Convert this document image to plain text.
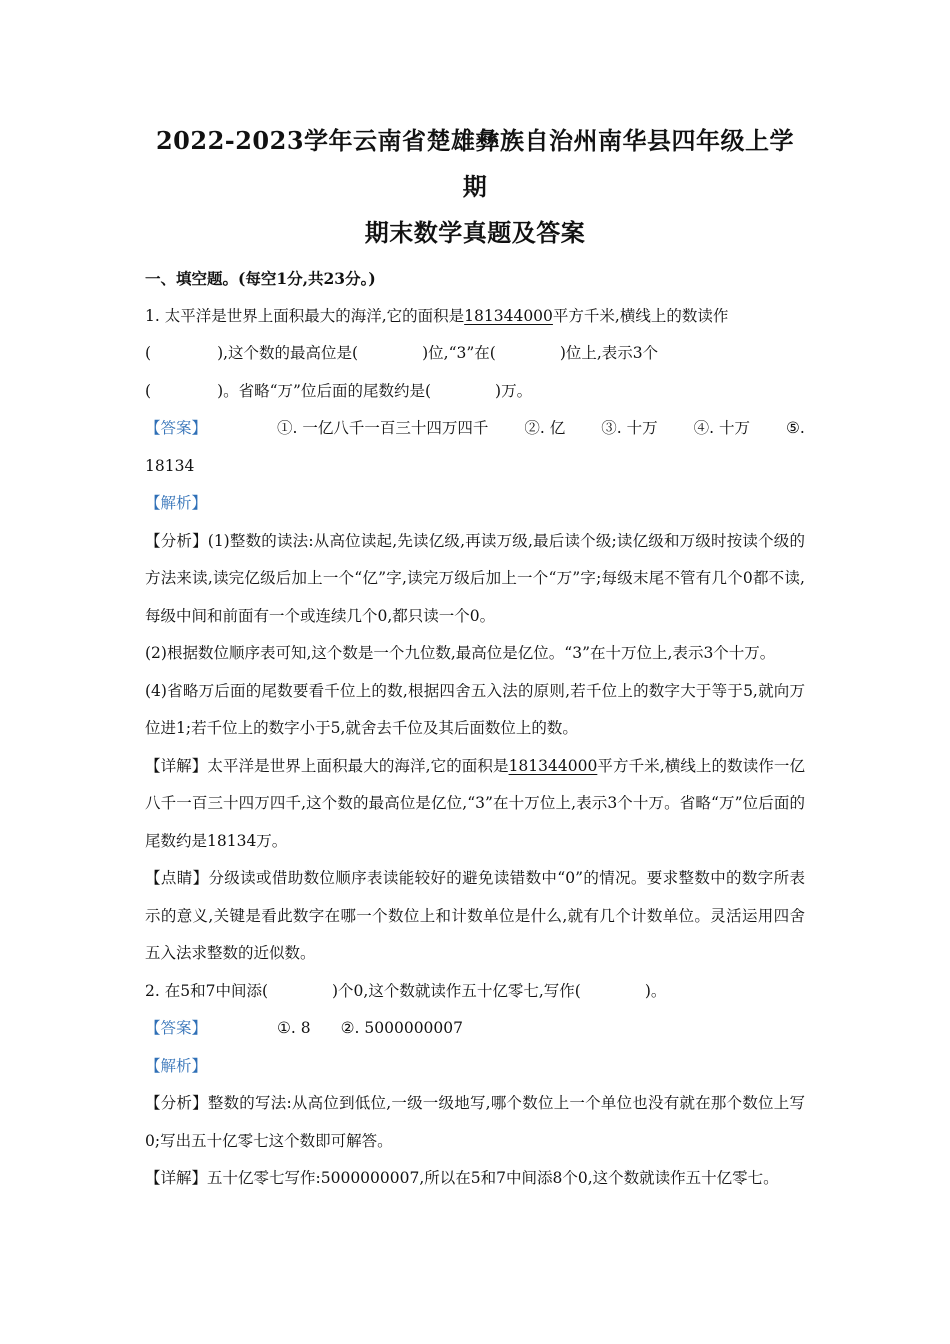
2022-2023学年云南省楚雄彝族自治州南华县四年级上学期
期末数学真题及答案

一、填空题。(每空1分,共23分。)

1. 太平洋是世界上面积最大的海洋,它的面积是181344000平方千米,横线上的数读作
(	),这个数的最高位是(	)位,“3”在(	)位上,表示3个
(	)。省略“万”位后面的尾数约是(	)万。

【答案】	①. 一亿八千一百三十四万四千 ②. 亿 ③. 十万 ④. 十万 ⑤.
18134

【解析】

【分析】(1)整数的读法:从高位读起,先读亿级,再读万级,最后读个级;读亿级和万级时按读个级的方法来读,读完亿级后加上一个“亿”字,读完万级后加上一个“万”字;每级末尾不管有几个0都不读,每级中间和前面有一个或连续几个0,都只读一个0。

(2)根据数位顺序表可知,这个数是一个九位数,最高位是亿位。“3”在十万位上,表示3个十万。

(4)省略万后面的尾数要看千位上的数,根据四舍五入法的原则,若千位上的数字大于等于5,就向万位进1;若千位上的数字小于5,就舍去千位及其后面数位上的数。

【详解】太平洋是世界上面积最大的海洋,它的面积是181344000平方千米,横线上的数读作一亿八千一百三十四万四千,这个数的最高位是亿位,“3”在十万位上,表示3个十万。省略“万”位后面的尾数约是18134万。

【点睛】分级读或借助数位顺序表读能较好的避免读错数中“0”的情况。要求整数中的数字所表示的意义,关键是看此数字在哪一个数位上和计数单位是什么,就有几个计数单位。灵活运用四舍五入法求整数的近似数。

2. 在5和7中间添(	)个0,这个数就读作五十亿零七,写作(	)。

【答案】	①. 8 ②. 5000000007

【解析】

【分析】整数的写法:从高位到低位,一级一级地写,哪个数位上一个单位也没有就在那个数位上写0;写出五十亿零七这个数即可解答。

【详解】五十亿零七写作:5000000007,所以在5和7中间添8个0,这个数就读作五十亿零七。
